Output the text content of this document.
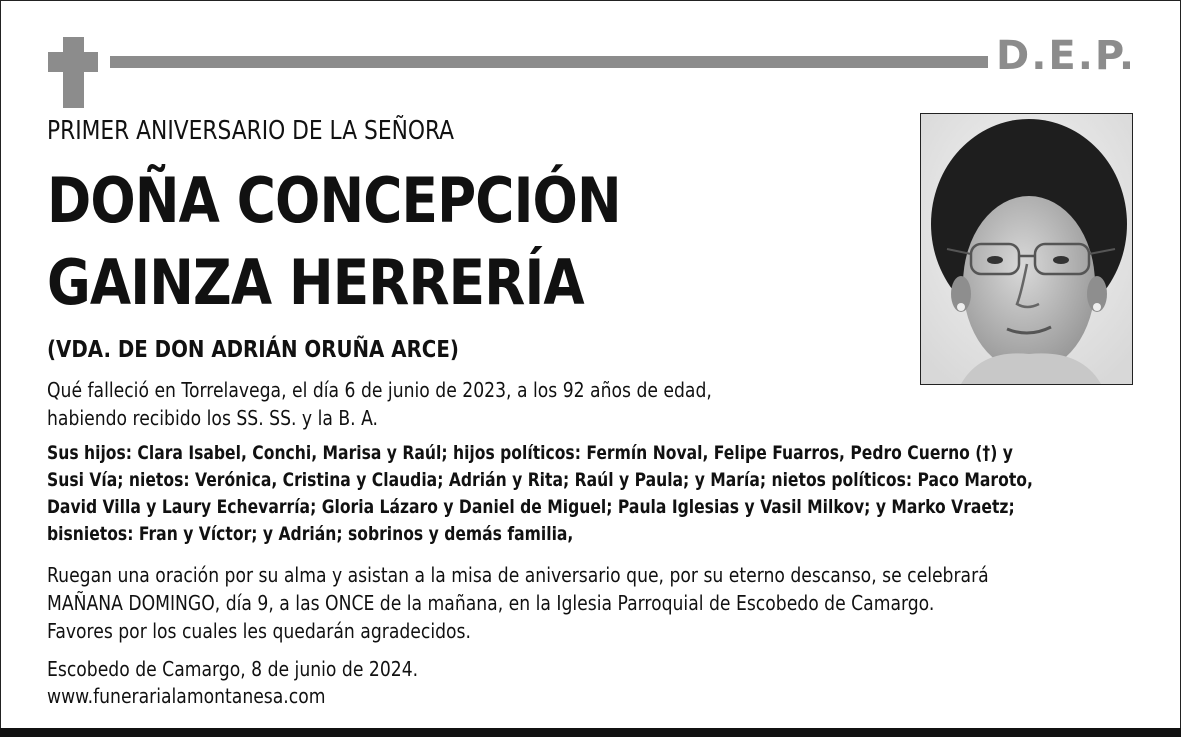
D.E.P.
PRIMER ANIVERSARIO DE LA SEÑORA
DOÑA CONCEPCIÓN
GAINZA HERRERÍA
(VDA. DE DON ADRIÁN ORUÑA ARCE)
Qué falleció en Torrelavega, el día 6 de junio de 2023, a los 92 años de edad,
habiendo recibido los SS. SS. y la B. A.
Sus hijos: Clara Isabel, Conchi, Marisa y Raúl; hijos políticos: Fermín Noval, Felipe Fuarros, Pedro Cuerno (†) y
Susi Vía; nietos: Verónica, Cristina y Claudia; Adrián y Rita; Raúl y Paula; y María; nietos políticos: Paco Maroto,
David Villa y Laury Echevarría; Gloria Lázaro y Daniel de Miguel; Paula Iglesias y Vasil Milkov; y Marko Vraetz;
bisnietos: Fran y Víctor; y Adrián; sobrinos y demás familia,
Ruegan una oración por su alma y asistan a la misa de aniversario que, por su eterno descanso, se celebrará
MAÑANA DOMINGO, día 9, a las ONCE de la mañana, en la Iglesia Parroquial de Escobedo de Camargo.
Favores por los cuales les quedarán agradecidos.
Escobedo de Camargo, 8 de junio de 2024.
www.funerarialamontanesa.com
